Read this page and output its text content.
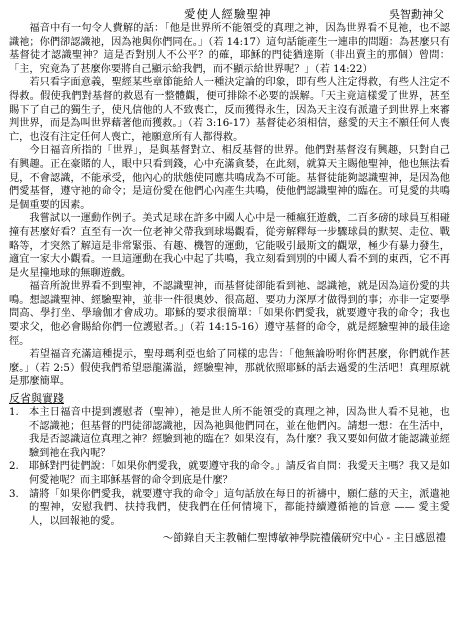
愛使人經驗聖神	吳智勳神父

福音中有一句令人費解的話：「他是世界所不能領受的真理之神，因為世界看不見祂，也不認識祂；你們卻認識祂，因為祂與你們同在。」（若 14:17）這句話能產生一連串的問題：為甚麼只有基督徒才認識聖神？這是否對別人不公平？的確，耶穌的門徒猶達斯（非出賣主的那個）曾問：「主，究竟為了甚麼你要將自己顯示給我們，而不顯示給世界呢？」（若 14:22）

若只看字面意義，聖經某些章節能給人一種決定論的印象，即有些人注定得救，有些人注定不得救。假使我們對基督的救恩有一整體觀，便可排除不必要的誤解。「天主竟這樣愛了世界，甚至賜下了自己的獨生子，使凡信他的人不致喪亡，反而獲得永生，因為天主沒有派遣子到世界上來審判世界，而是為叫世界藉著他而獲救。」（若 3:16-17）基督徒必須相信，慈愛的天主不願任何人喪亡，也沒有注定任何人喪亡，祂願意所有人都得救。

今日福音所指的「世界」，是與基督對立、相反基督的世界。他們對基督沒有興趣，只對自己有興趣。正在豪賭的人，眼中只看到錢，心中充滿貪婪，在此刻，就算天主賜他聖神，他也無法看見，不會認識，不能承受，他內心的狀態使同應共鳴成為不可能。基督徒能夠認識聖神，是因為他們愛基督，遵守祂的命令；是這份愛在他們心內產生共鳴，使他們認識聖神的臨在。可見愛的共鳴是個重要的因素。

我嘗試以一運動作例子。美式足球在許多中國人心中是一種瘋狂遊戲，二百多磅的球員互相碰撞有甚麼好看？直至有一次一位老神父帶我到球場觀看，從旁解釋每一步驟球員的默契、走位、戰略等，才突然了解這是非常緊張、有趣、機智的運動，它能吸引最斯文的觀眾，極少有暴力發生，適宜一家大小觀看。一旦這運動在我心中起了共鳴，我立刻看到別的中國人看不到的東西，它不再是火星撞地球的無聊遊戲。

福音所說世界看不到聖神，不認識聖神，而基督徒卻能看到祂、認識祂，就是因為這份愛的共鳴。想認識聖神、經驗聖神，並非一件很奧妙、很高超、要功力深厚才做得到的事；亦非一定要學問高、學打坐、學瑜伽才會成功。耶穌的要求很簡單：「如果你們愛我，就要遵守我的命令；我也要求父，他必會賜給你們一位護慰者。」（若 14:15-16）遵守基督的命令，就是經驗聖神的最佳途徑。

若望福音充滿這種提示，聖母瑪利亞也給了同樣的忠告：「他無論吩咐你們甚麼，你們就作甚麼。」（若 2:5）假使我們希望惡龍滿溢，經驗聖神，那就依照耶穌的話去過愛的生活吧！真理原就是那麼簡單。

反省與實踐
1. 本主日福音中提到護慰者（聖神），祂是世人所不能領受的真理之神，因為世人看不見祂，也不認識祂；但基督的門徒卻認識祂，因為祂與他們同在，並在他們內。請想一想：在生活中，我是否認識這位真理之神？經驗到祂的臨在？如果沒有，為什麼？我又要如何做才能認識並經驗到祂在我內呢？
2. 耶穌對門徒們說：「如果你們愛我，就要遵守我的命令。」請反省自問：我愛天主嗎？我又是如何愛祂呢？而主耶穌基督的命令到底是什麼？
3. 請將「如果你們愛我，就要遵守我的命令」這句話放在每日的祈禱中，願仁慈的天主，派遣祂的聖神，安慰我們、扶持我們，使我們在任何情境下，都能持續遵循祂的旨意 —— 愛主愛人，以回報祂的愛。
～節錄自天主教輔仁聖博敏神學院禮儀研究中心 - 主日感恩禮
